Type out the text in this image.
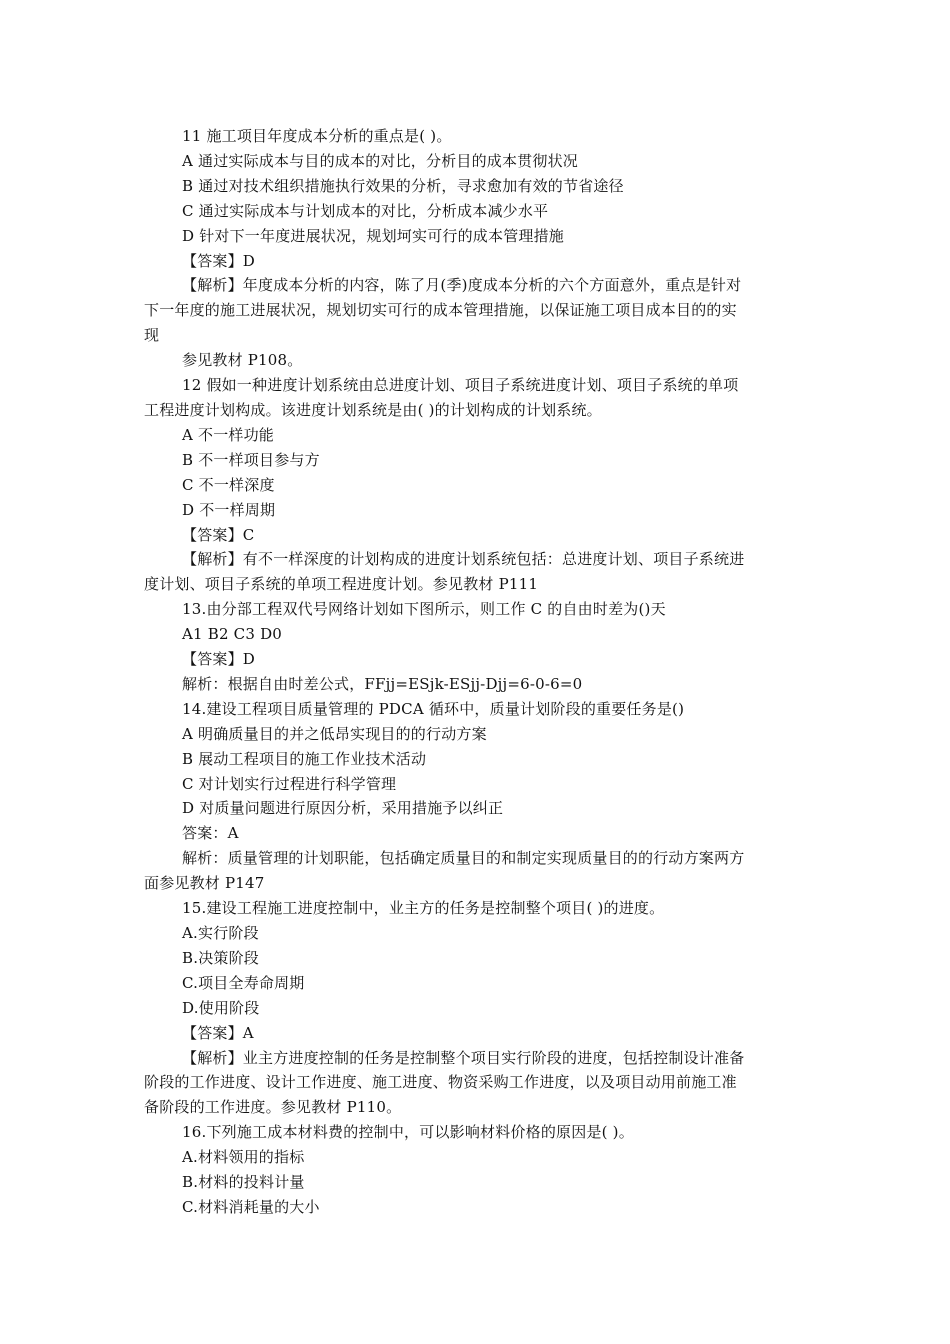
11 施工项目年度成本分析的重点是( )。
A 通过实际成本与目的成本的对比，分析目的成本贯彻状况
B 通过对技术组织措施执行效果的分析，寻求愈加有效的节省途径
C 通过实际成本与计划成本的对比，分析成本减少水平
D 针对下一年度进展状况，规划坷实可行的成本管理措施
【答案】D
【解析】年度成本分析的内容，陈了月(季)度成本分析的六个方面意外，重点是针对
下一年度的施工进展状况，规划切实可行的成本管理措施，以保证施工项目成本目的的实
现
参见教材 P108。
12 假如一种进度计划系统由总进度计划、项目子系统进度计划、项目子系统的单项
工程进度计划构成。该进度计划系统是由( )的计划构成的计划系统。
A 不一样功能
B 不一样项目参与方
C 不一样深度
D 不一样周期
【答案】C
【解析】有不一样深度的计划构成的进度计划系统包括：总进度计划、项目子系统进
度计划、项目子系统的单项工程进度计划。参见教材 P111
13.由分部工程双代号网络计划如下图所示，则工作 C 的自由时差为()天
A1 B2 C3 D0
【答案】D
解析：根据自由时差公式，FFjj=ESjk-ESjj-Djj=6-0-6=0
14.建设工程项目质量管理的 PDCA 循环中，质量计划阶段的重要任务是()
A 明确质量目的并之低昂实现目的的行动方案
B 展动工程项目的施工作业技术活动
C 对计划实行过程进行科学管理
D 对质量问题进行原因分析，采用措施予以纠正
答案：A
解析：质量管理的计划职能，包括确定质量目的和制定实现质量目的的行动方案两方
面参见教材 P147
15.建设工程施工进度控制中，业主方的任务是控制整个项目( )的进度。
A.实行阶段
B.决策阶段
C.项目全寿命周期
D.使用阶段
【答案】A
【解析】业主方进度控制的任务是控制整个项目实行阶段的进度，包括控制设计准备
阶段的工作进度、设计工作进度、施工进度、物资采购工作进度，以及项目动用前施工准
备阶段的工作进度。参见教材 P110。
16.下列施工成本材料费的控制中，可以影响材料价格的原因是( )。
A.材料领用的指标
B.材料的投料计量
C.材料消耗量的大小
